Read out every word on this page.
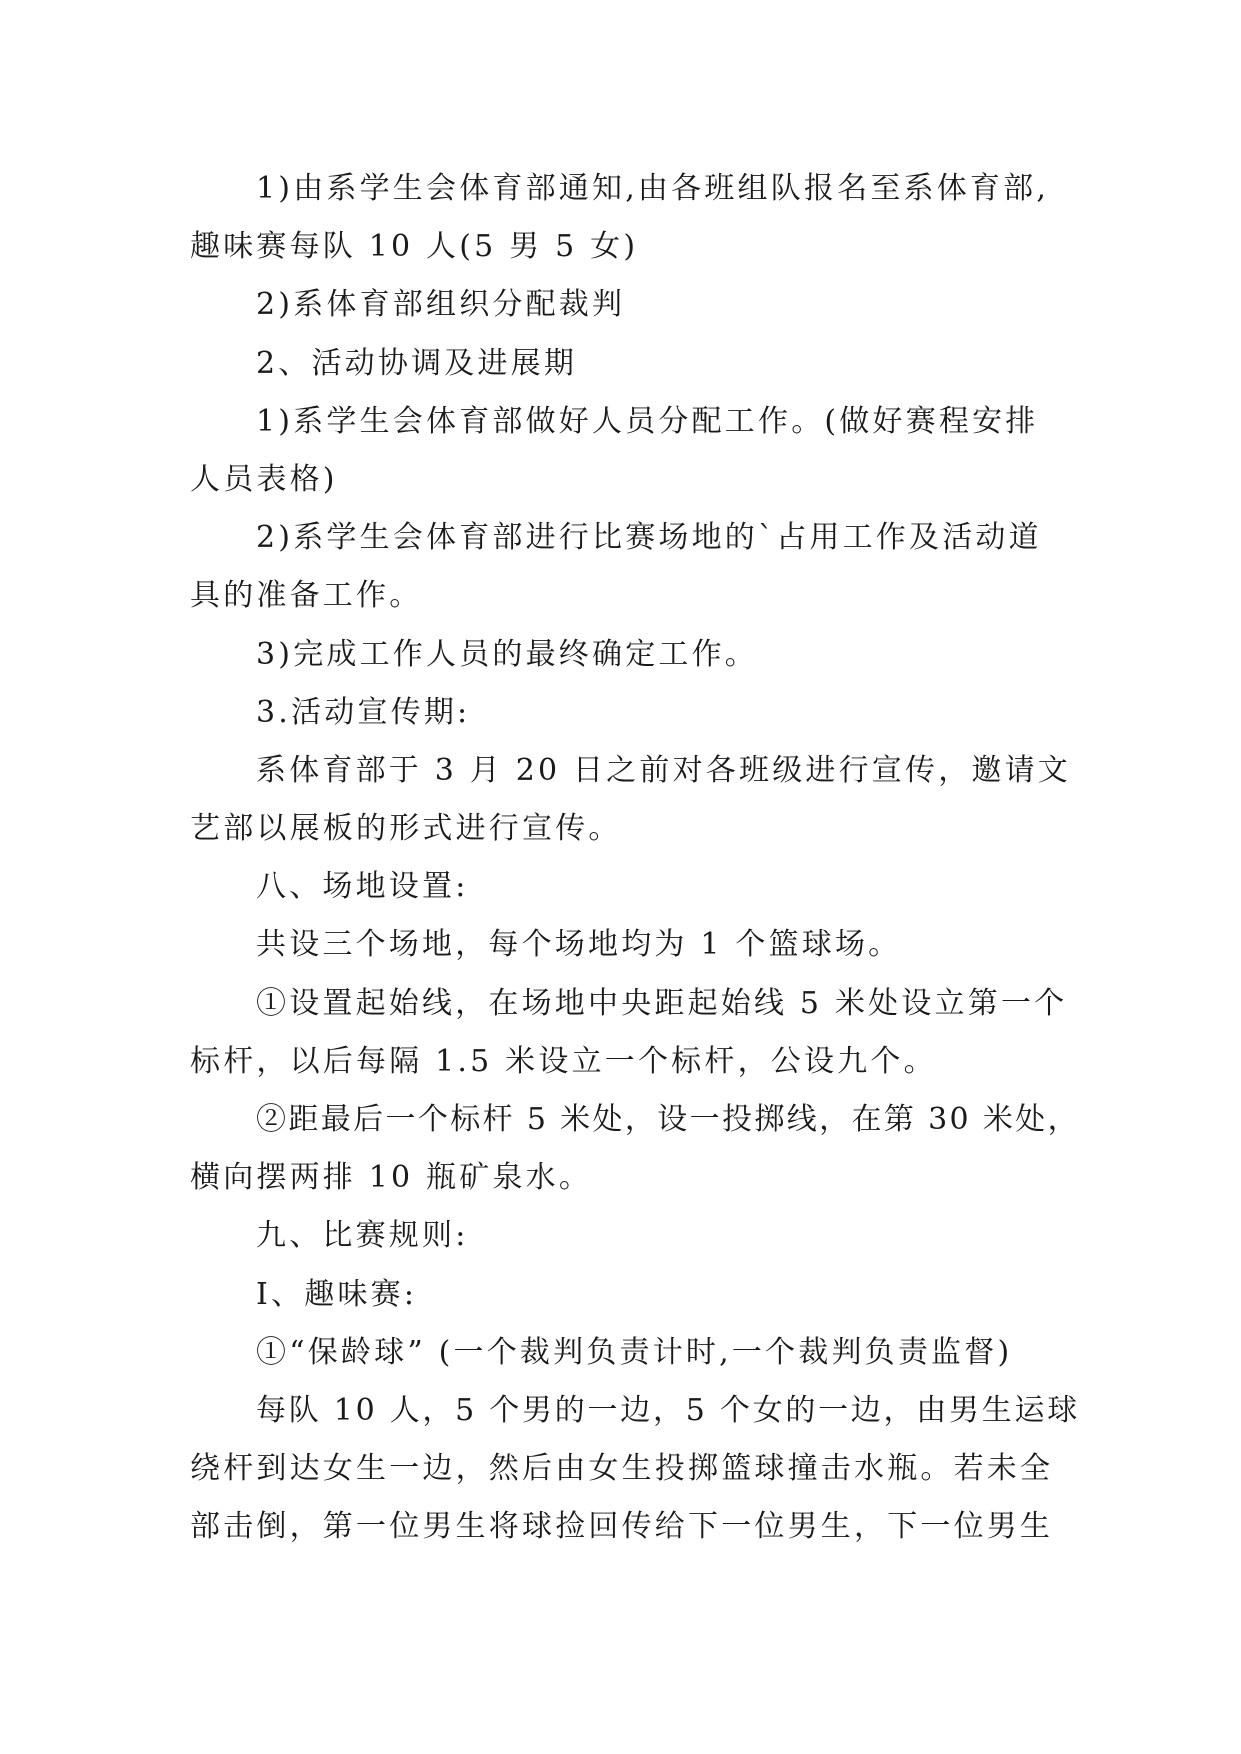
1)由系学生会体育部通知,由各班组队报名至系体育部,

趣味赛每队 10 人(5 男 5 女)

2)系体育部组织分配裁判

2、活动协调及进展期

1)系学生会体育部做好人员分配工作。(做好赛程安排

人员表格)

2)系学生会体育部进行比赛场地的`占用工作及活动道

具的准备工作。

3)完成工作人员的最终确定工作。

3.活动宣传期:

系体育部于 3 月 20 日之前对各班级进行宣传，邀请文

艺部以展板的形式进行宣传。

八、场地设置:

共设三个场地，每个场地均为 1 个篮球场。

①设置起始线，在场地中央距起始线 5 米处设立第一个

标杆，以后每隔 1.5 米设立一个标杆，公设九个。

②距最后一个标杆 5 米处，设一投掷线，在第 30 米处，

横向摆两排 10 瓶矿泉水。

九、比赛规则:

Ⅰ、趣味赛:

①“保龄球” (一个裁判负责计时,一个裁判负责监督)

每队 10 人，5 个男的一边，5 个女的一边，由男生运球

绕杆到达女生一边，然后由女生投掷篮球撞击水瓶。若未全

部击倒，第一位男生将球捡回传给下一位男生，下一位男生
